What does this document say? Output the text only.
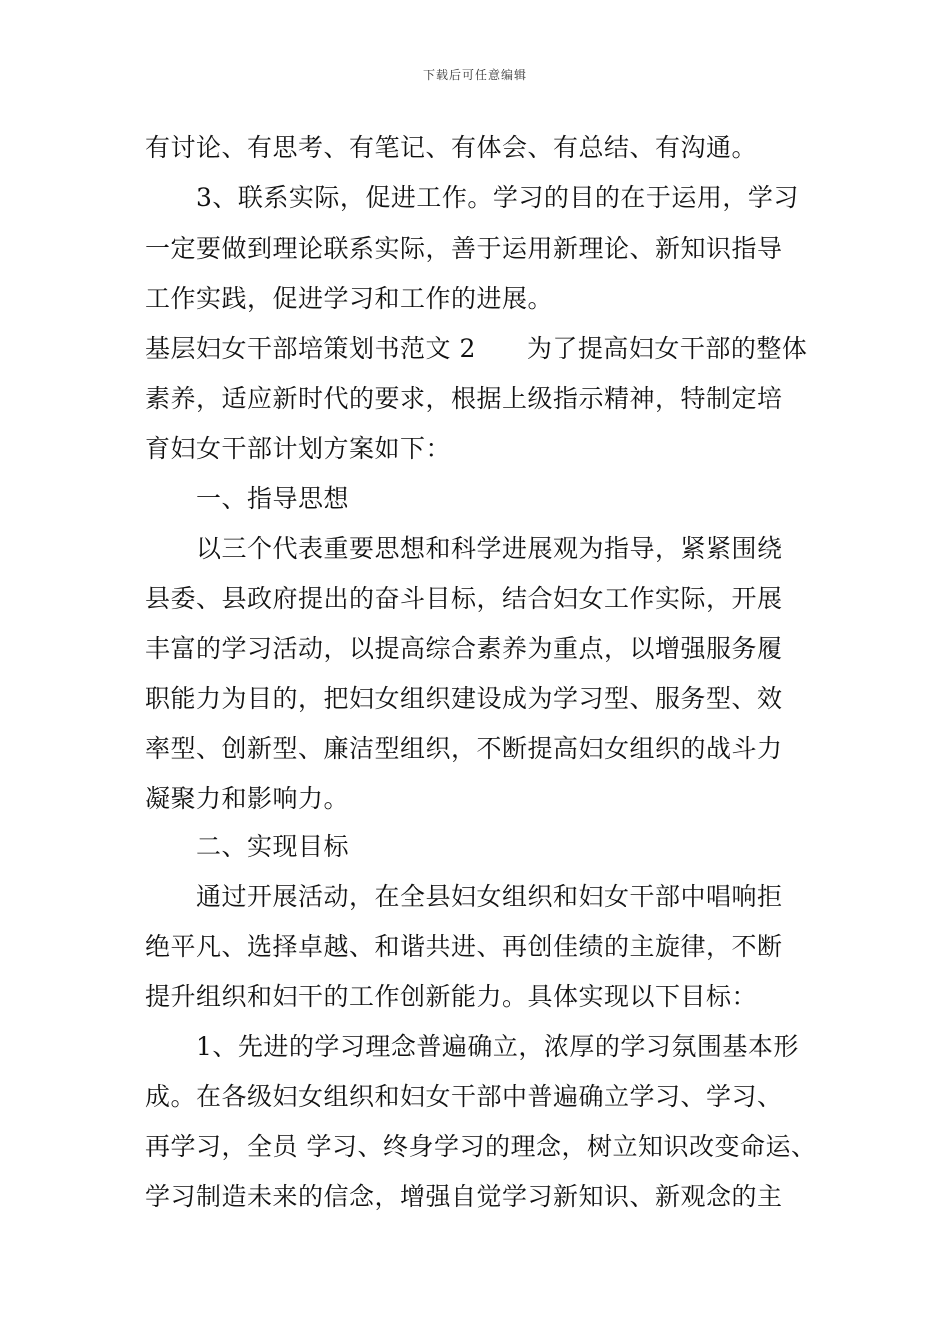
下载后可任意编辑
有讨论、有思考、有笔记、有体会、有总结、有沟通。
3、联系实际，促进工作。学习的目的在于运用，学习
一定要做到理论联系实际，善于运用新理论、新知识指导
工作实践，促进学习和工作的进展。
基层妇女干部培策划书范文 2　　为了提高妇女干部的整体
素养，适应新时代的要求，根据上级指示精神，特制定培
育妇女干部计划方案如下：
一、指导思想
以三个代表重要思想和科学进展观为指导，紧紧围绕
县委、县政府提出的奋斗目标，结合妇女工作实际，开展
丰富的学习活动，以提高综合素养为重点，以增强服务履
职能力为目的，把妇女组织建设成为学习型、服务型、效
率型、创新型、廉洁型组织，不断提高妇女组织的战斗力
凝聚力和影响力。
二、实现目标
通过开展活动，在全县妇女组织和妇女干部中唱响拒
绝平凡、选择卓越、和谐共进、再创佳绩的主旋律，不断
提升组织和妇干的工作创新能力。具体实现以下目标：
1、先进的学习理念普遍确立，浓厚的学习氛围基本形
成。在各级妇女组织和妇女干部中普遍确立学习、学习、
再学习，全员 学习、终身学习的理念，树立知识改变命运、
学习制造未来的信念，增强自觉学习新知识、新观念的主
